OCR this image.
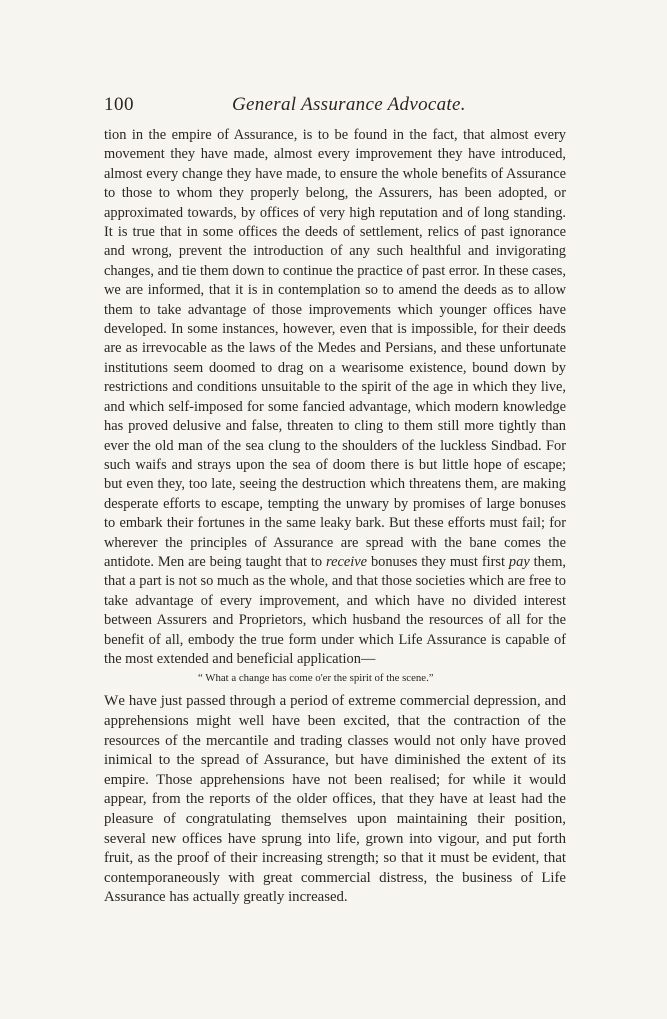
100	General Assurance Advocate.

tion in the empire of Assurance, is to be found in the fact, that almost every movement they have made, almost every improvement they have introduced, almost every change they have made, to ensure the whole benefits of Assurance to those to whom they properly belong, the Assurers, has been adopted, or approximated towards, by offices of very high reputation and of long standing. It is true that in some offices the deeds of settlement, relics of past ignorance and wrong, prevent the introduction of any such healthful and invigorating changes, and tie them down to continue the practice of past error. In these cases, we are informed, that it is in contemplation so to amend the deeds as to allow them to take advantage of those improvements which younger offices have developed. In some instances, however, even that is impossible, for their deeds are as irrevocable as the laws of the Medes and Persians, and these unfortunate institutions seem doomed to drag on a wearisome existence, bound down by restrictions and conditions unsuitable to the spirit of the age in which they live, and which self-imposed for some fancied advantage, which modern knowledge has proved delusive and false, threaten to cling to them still more tightly than ever the old man of the sea clung to the shoulders of the luckless Sindbad. For such waifs and strays upon the sea of doom there is but little hope of escape; but even they, too late, seeing the destruction which threatens them, are making desperate efforts to escape, tempting the unwary by promises of large bonuses to embark their fortunes in the same leaky bark. But these efforts must fail; for wherever the principles of Assurance are spread with the bane comes the antidote. Men are being taught that to receive bonuses they must first pay them, that a part is not so much as the whole, and that those societies which are free to take advantage of every improvement, and which have no divided interest between Assurers and Proprietors, which husband the resources of all for the benefit of all, embody the true form under which Life Assurance is capable of the most extended and beneficial application—

“ What a change has come o'er the spirit of the scene.”

We have just passed through a period of extreme commercial depression, and apprehensions might well have been excited, that the contraction of the resources of the mercantile and trading classes would not only have proved inimical to the spread of Assurance, but have diminished the extent of its empire. Those apprehensions have not been realised; for while it would appear, from the reports of the older offices, that they have at least had the pleasure of congratulating themselves upon maintaining their position, several new offices have sprung into life, grown into vigour, and put forth fruit, as the proof of their increasing strength; so that it must be evident, that contemporaneously with great commercial distress, the business of Life Assurance has actually greatly increased.
